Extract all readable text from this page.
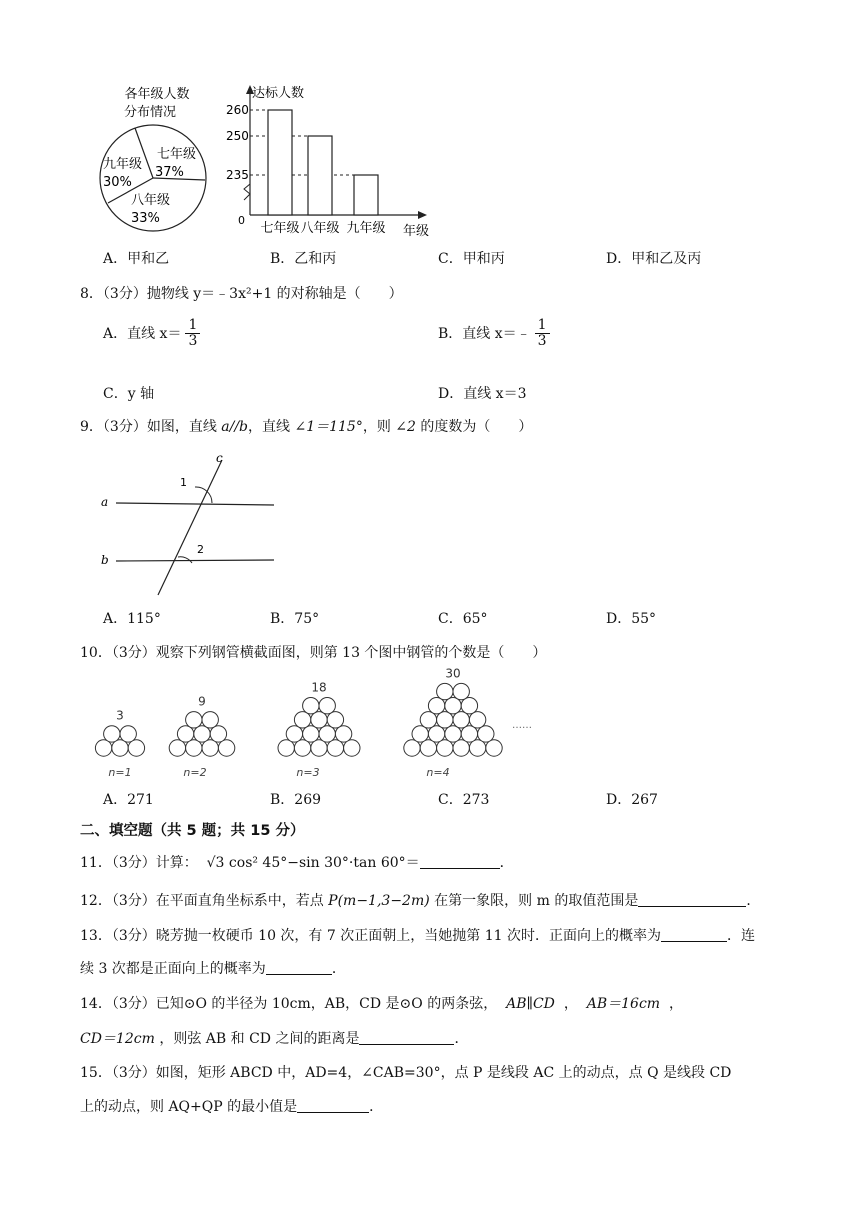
各年级人数
分布情况
七年级
37%
九年级
30%
八年级
33%
达标人数
0
260
250
235
七年级 八年级 九年级 年级
A．甲和乙	B．乙和丙	C．甲和丙	D．甲和乙及丙
8．（3分）抛物线 y＝﹣3x²+1 的对称轴是（　　）
A．直线 $x= \frac{1}{3}$	B．直线 x＝﹣ $\frac{1}{3}$
C．y 轴	D．直线 x＝3
9．（3分）如图，直线 a//b，直线 ∠1＝115°，则 ∠2 的度数为（　　）
c
a
b
1
2
A．115°	B．75°	C．65°	D．55°
10．（3分）观察下列钢管横截面图，则第 13 个图中钢管的个数是（　　）
……
3
n=1
9
n=2
18
n=3
30
n=4
A．271	B．269	C．273	D．267
二、填空题（共 5 题；共 15 分）
11．（3分）计算： √3 cos² 45°−sin 30°·tan 60°＝	．
12．（3分）在平面直角坐标系中，若点 P(m−1,3−2m) 在第一象限，则 m 的取值范围是	．
13．（3分）晓芳抛一枚硬币 10 次，有 7 次正面朝上，当她抛第 11 次时．正面向上的概率为	．连
续 3 次都是正面向上的概率为	．
14．（3分）已知⊙O 的半径为 10cm，AB，CD 是⊙O 的两条弦， AB∥CD ， AB＝16cm ，
CD＝12cm ，则弦 AB 和 CD 之间的距离是	．
15．（3分）如图，矩形 ABCD 中，AD=4，∠CAB=30°，点 P 是线段 AC 上的动点，点 Q 是线段 CD
上的动点，则 AQ+QP 的最小值是	．
